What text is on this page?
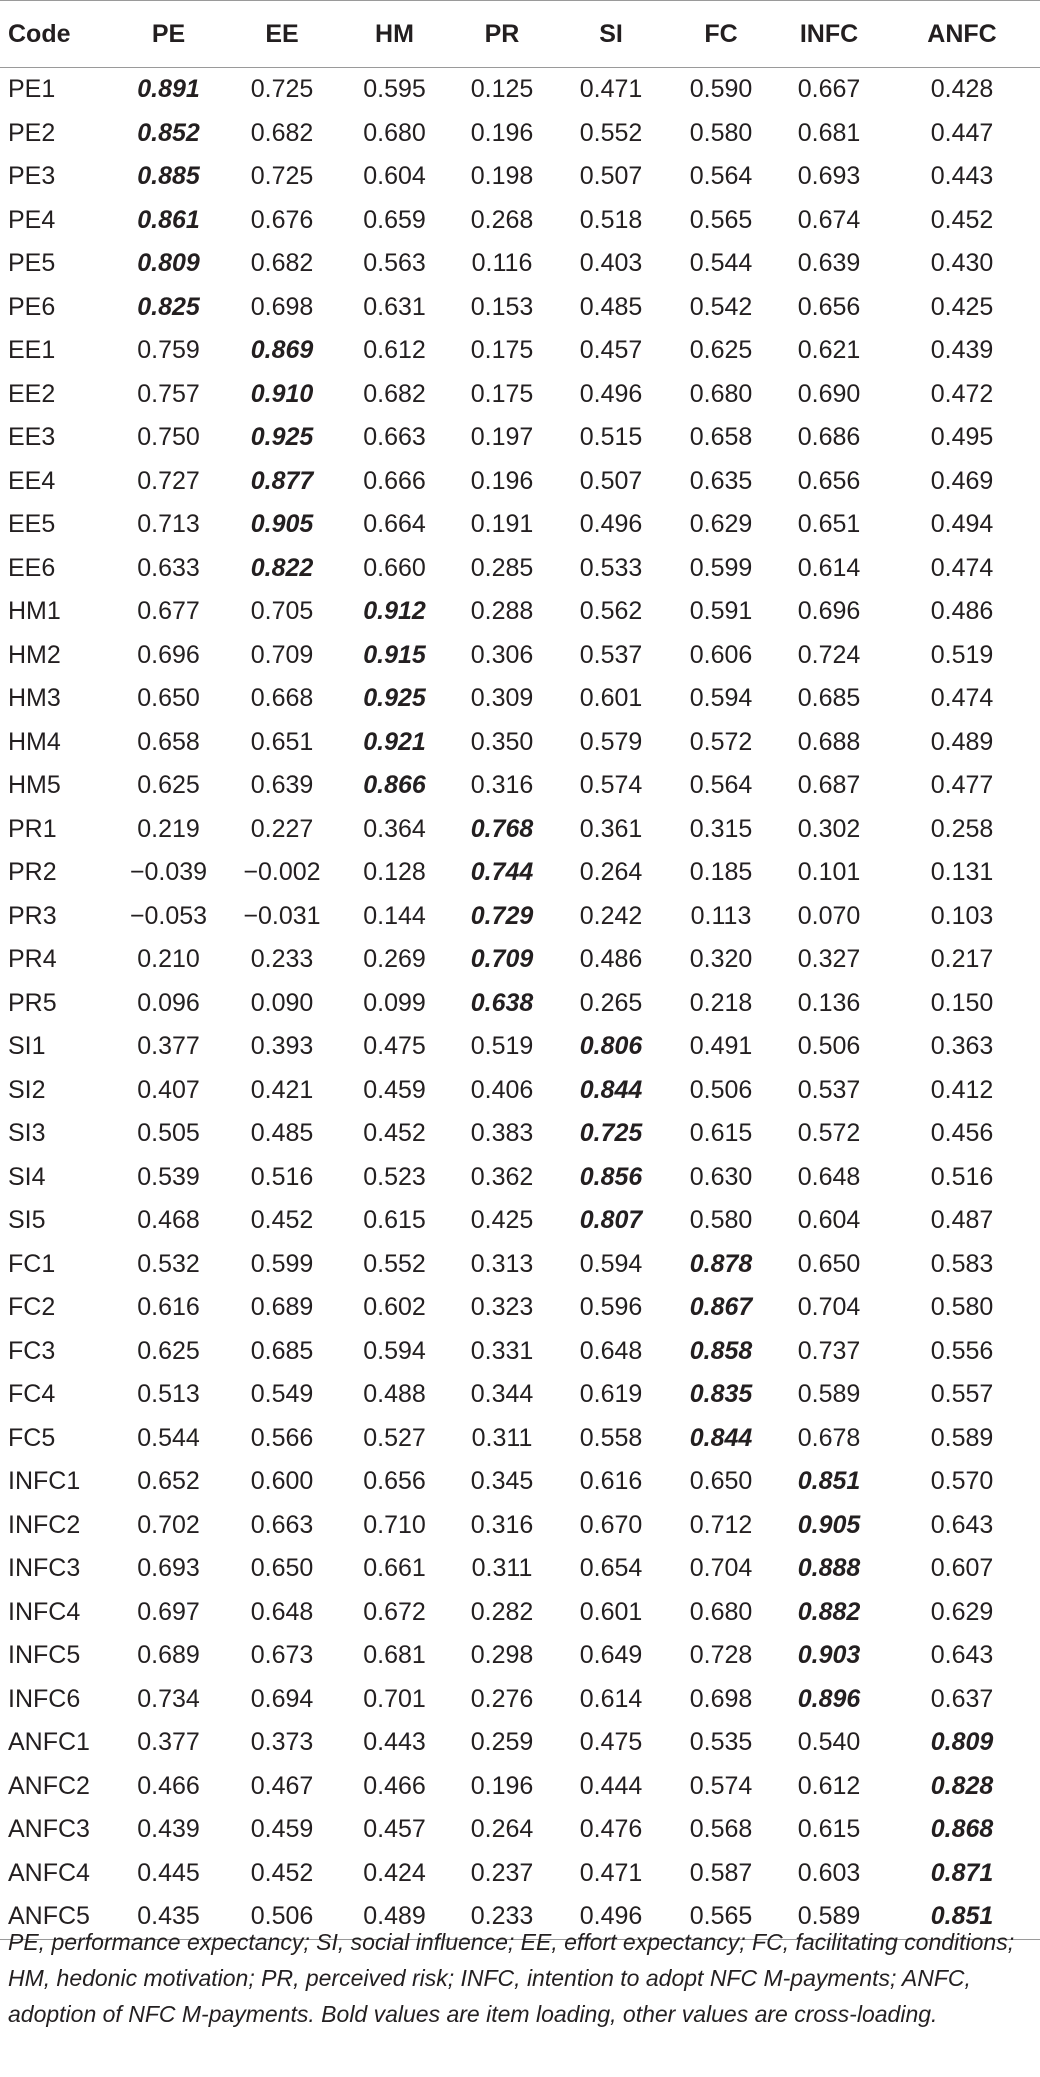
Code	PE	EE	HM	PR	SI	FC	INFC	ANFC
PE1	0.891	0.725	0.595	0.125	0.471	0.590	0.667	0.428
PE2	0.852	0.682	0.680	0.196	0.552	0.580	0.681	0.447
PE3	0.885	0.725	0.604	0.198	0.507	0.564	0.693	0.443
PE4	0.861	0.676	0.659	0.268	0.518	0.565	0.674	0.452
PE5	0.809	0.682	0.563	0.116	0.403	0.544	0.639	0.430
PE6	0.825	0.698	0.631	0.153	0.485	0.542	0.656	0.425
EE1	0.759	0.869	0.612	0.175	0.457	0.625	0.621	0.439
EE2	0.757	0.910	0.682	0.175	0.496	0.680	0.690	0.472
EE3	0.750	0.925	0.663	0.197	0.515	0.658	0.686	0.495
EE4	0.727	0.877	0.666	0.196	0.507	0.635	0.656	0.469
EE5	0.713	0.905	0.664	0.191	0.496	0.629	0.651	0.494
EE6	0.633	0.822	0.660	0.285	0.533	0.599	0.614	0.474
HM1	0.677	0.705	0.912	0.288	0.562	0.591	0.696	0.486
HM2	0.696	0.709	0.915	0.306	0.537	0.606	0.724	0.519
HM3	0.650	0.668	0.925	0.309	0.601	0.594	0.685	0.474
HM4	0.658	0.651	0.921	0.350	0.579	0.572	0.688	0.489
HM5	0.625	0.639	0.866	0.316	0.574	0.564	0.687	0.477
PR1	0.219	0.227	0.364	0.768	0.361	0.315	0.302	0.258
PR2	−0.039	−0.002	0.128	0.744	0.264	0.185	0.101	0.131
PR3	−0.053	−0.031	0.144	0.729	0.242	0.113	0.070	0.103
PR4	0.210	0.233	0.269	0.709	0.486	0.320	0.327	0.217
PR5	0.096	0.090	0.099	0.638	0.265	0.218	0.136	0.150
SI1	0.377	0.393	0.475	0.519	0.806	0.491	0.506	0.363
SI2	0.407	0.421	0.459	0.406	0.844	0.506	0.537	0.412
SI3	0.505	0.485	0.452	0.383	0.725	0.615	0.572	0.456
SI4	0.539	0.516	0.523	0.362	0.856	0.630	0.648	0.516
SI5	0.468	0.452	0.615	0.425	0.807	0.580	0.604	0.487
FC1	0.532	0.599	0.552	0.313	0.594	0.878	0.650	0.583
FC2	0.616	0.689	0.602	0.323	0.596	0.867	0.704	0.580
FC3	0.625	0.685	0.594	0.331	0.648	0.858	0.737	0.556
FC4	0.513	0.549	0.488	0.344	0.619	0.835	0.589	0.557
FC5	0.544	0.566	0.527	0.311	0.558	0.844	0.678	0.589
INFC1	0.652	0.600	0.656	0.345	0.616	0.650	0.851	0.570
INFC2	0.702	0.663	0.710	0.316	0.670	0.712	0.905	0.643
INFC3	0.693	0.650	0.661	0.311	0.654	0.704	0.888	0.607
INFC4	0.697	0.648	0.672	0.282	0.601	0.680	0.882	0.629
INFC5	0.689	0.673	0.681	0.298	0.649	0.728	0.903	0.643
INFC6	0.734	0.694	0.701	0.276	0.614	0.698	0.896	0.637
ANFC1	0.377	0.373	0.443	0.259	0.475	0.535	0.540	0.809
ANFC2	0.466	0.467	0.466	0.196	0.444	0.574	0.612	0.828
ANFC3	0.439	0.459	0.457	0.264	0.476	0.568	0.615	0.868
ANFC4	0.445	0.452	0.424	0.237	0.471	0.587	0.603	0.871
ANFC5	0.435	0.506	0.489	0.233	0.496	0.565	0.589	0.851
PE, performance expectancy; SI, social influence; EE, effort expectancy; FC, facilitating conditions; HM, hedonic motivation; PR, perceived risk; INFC, intention to adopt NFC M-payments; ANFC, adoption of NFC M-payments. Bold values are item loading, other values are cross-loading.
